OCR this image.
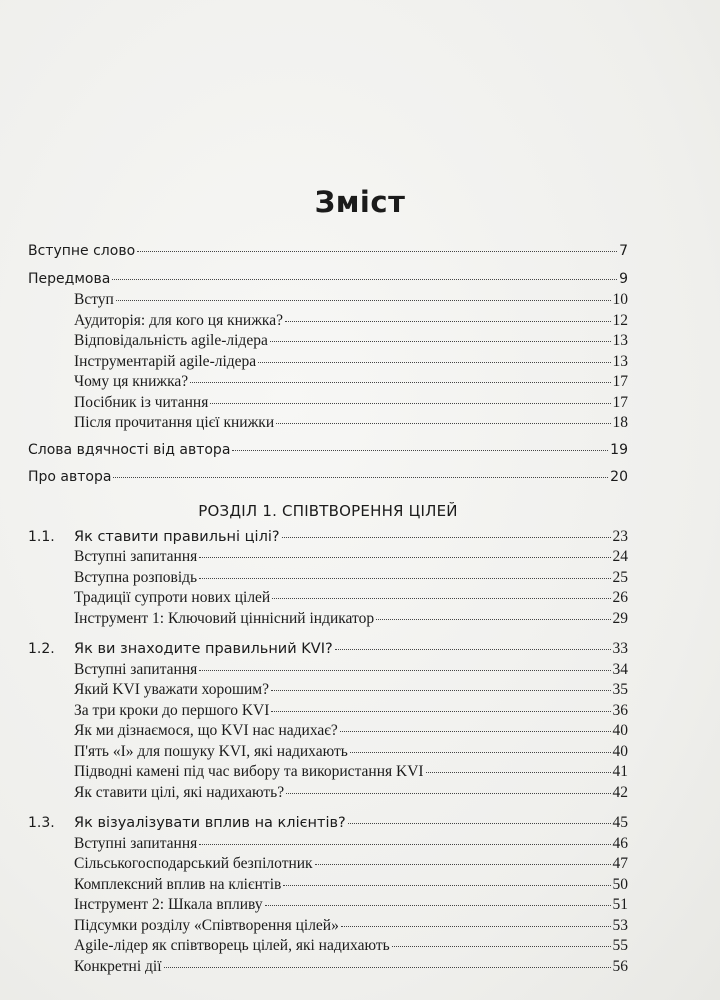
Зміст
Вступне слово	7
Передмова	9
Вступ	10
Аудиторія: для кого ця книжка?	12
Відповідальність agile-лідера	13
Інструментарій agile-лідера	13
Чому ця книжка?	17
Посібник із читання	17
Після прочитання цієї книжки	18
Слова вдячності від автора	19
Про автора	20
РОЗДІЛ 1. СПІВТВОРЕННЯ ЦІЛЕЙ
1.1.	Як ставити правильні цілі?	23
Вступні запитання	24
Вступна розповідь	25
Традиції супроти нових цілей	26
Інструмент 1: Ключовий ціннісний індикатор	29
1.2.	Як ви знаходите правильний KVI?	33
Вступні запитання	34
Який KVI уважати хорошим?	35
За три кроки до першого KVI	36
Як ми дізнаємося, що KVI нас надихає?	40
П'ять «І» для пошуку KVI, які надихають	40
Підводні камені під час вибору та використання KVI	41
Як ставити цілі, які надихають?	42
1.3.	Як візуалізувати вплив на клієнтів?	45
Вступні запитання	46
Сільськогосподарський безпілотник	47
Комплексний вплив на клієнтів	50
Інструмент 2: Шкала впливу	51
Підсумки розділу «Співтворення цілей»	53
Agile-лідер як співтворець цілей, які надихають	55
Конкретні дії	56
